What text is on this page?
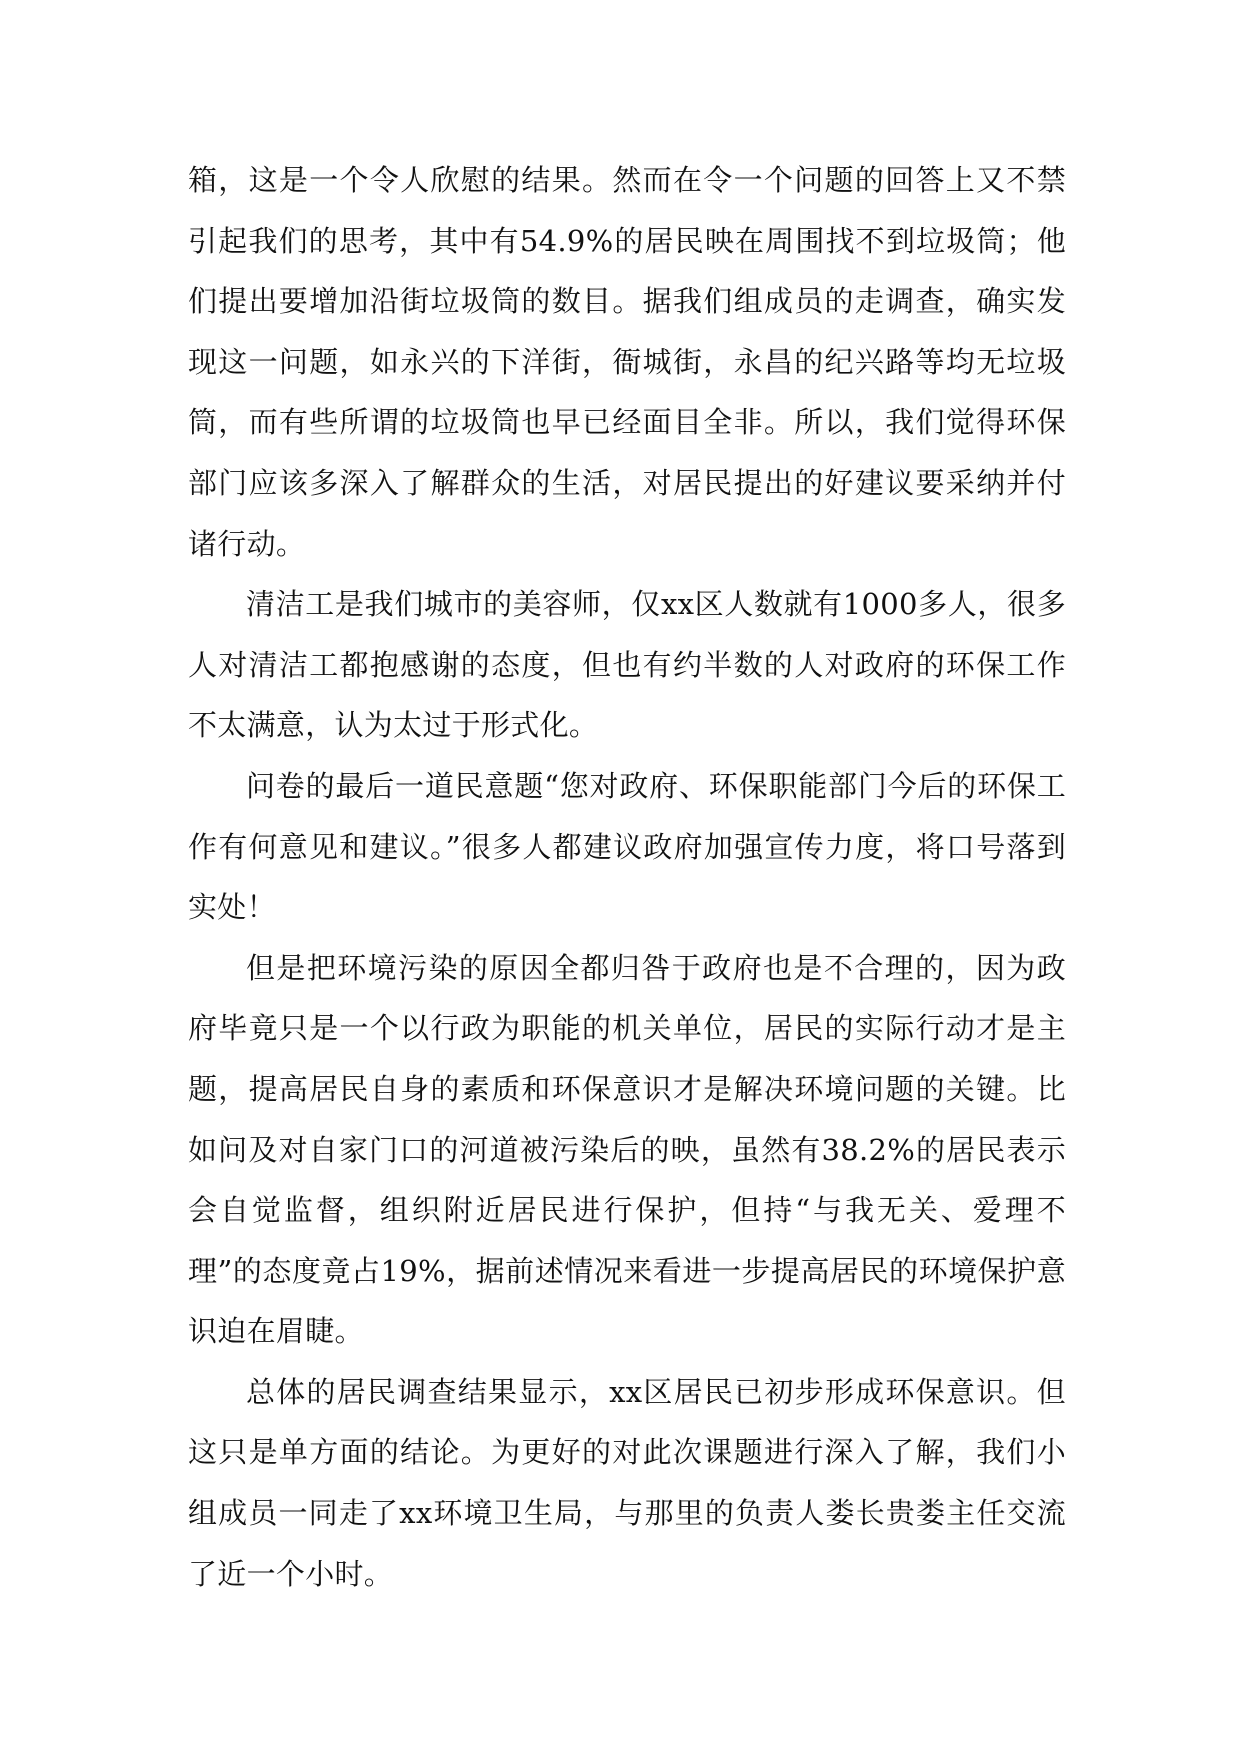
箱，这是一个令人欣慰的结果。然而在令一个问题的回答上又不禁引起我们的思考，其中有54.9%的居民映在周围找不到垃圾筒；他们提出要增加沿街垃圾筒的数目。据我们组成员的走调查，确实发现这一问题，如永兴的下洋街，衙城街，永昌的纪兴路等均无垃圾筒，而有些所谓的垃圾筒也早已经面目全非。所以，我们觉得环保部门应该多深入了解群众的生活，对居民提出的好建议要采纳并付诸行动。

清洁工是我们城市的美容师，仅xx区人数就有1000多人，很多人对清洁工都抱感谢的态度，但也有约半数的人对政府的环保工作不太满意，认为太过于形式化。

问卷的最后一道民意题“您对政府、环保职能部门今后的环保工作有何意见和建议。”很多人都建议政府加强宣传力度，将口号落到实处！

但是把环境污染的原因全都归咎于政府也是不合理的，因为政府毕竟只是一个以行政为职能的机关单位，居民的实际行动才是主题，提高居民自身的素质和环保意识才是解决环境问题的关键。比如问及对自家门口的河道被污染后的映，虽然有38.2%的居民表示会自觉监督，组织附近居民进行保护，但持“与我无关、爱理不理”的态度竟占19%，据前述情况来看进一步提高居民的环境保护意识迫在眉睫。

总体的居民调查结果显示，xx区居民已初步形成环保意识。但这只是单方面的结论。为更好的对此次课题进行深入了解，我们小组成员一同走了xx环境卫生局，与那里的负责人娄长贵娄主任交流了近一个小时。
